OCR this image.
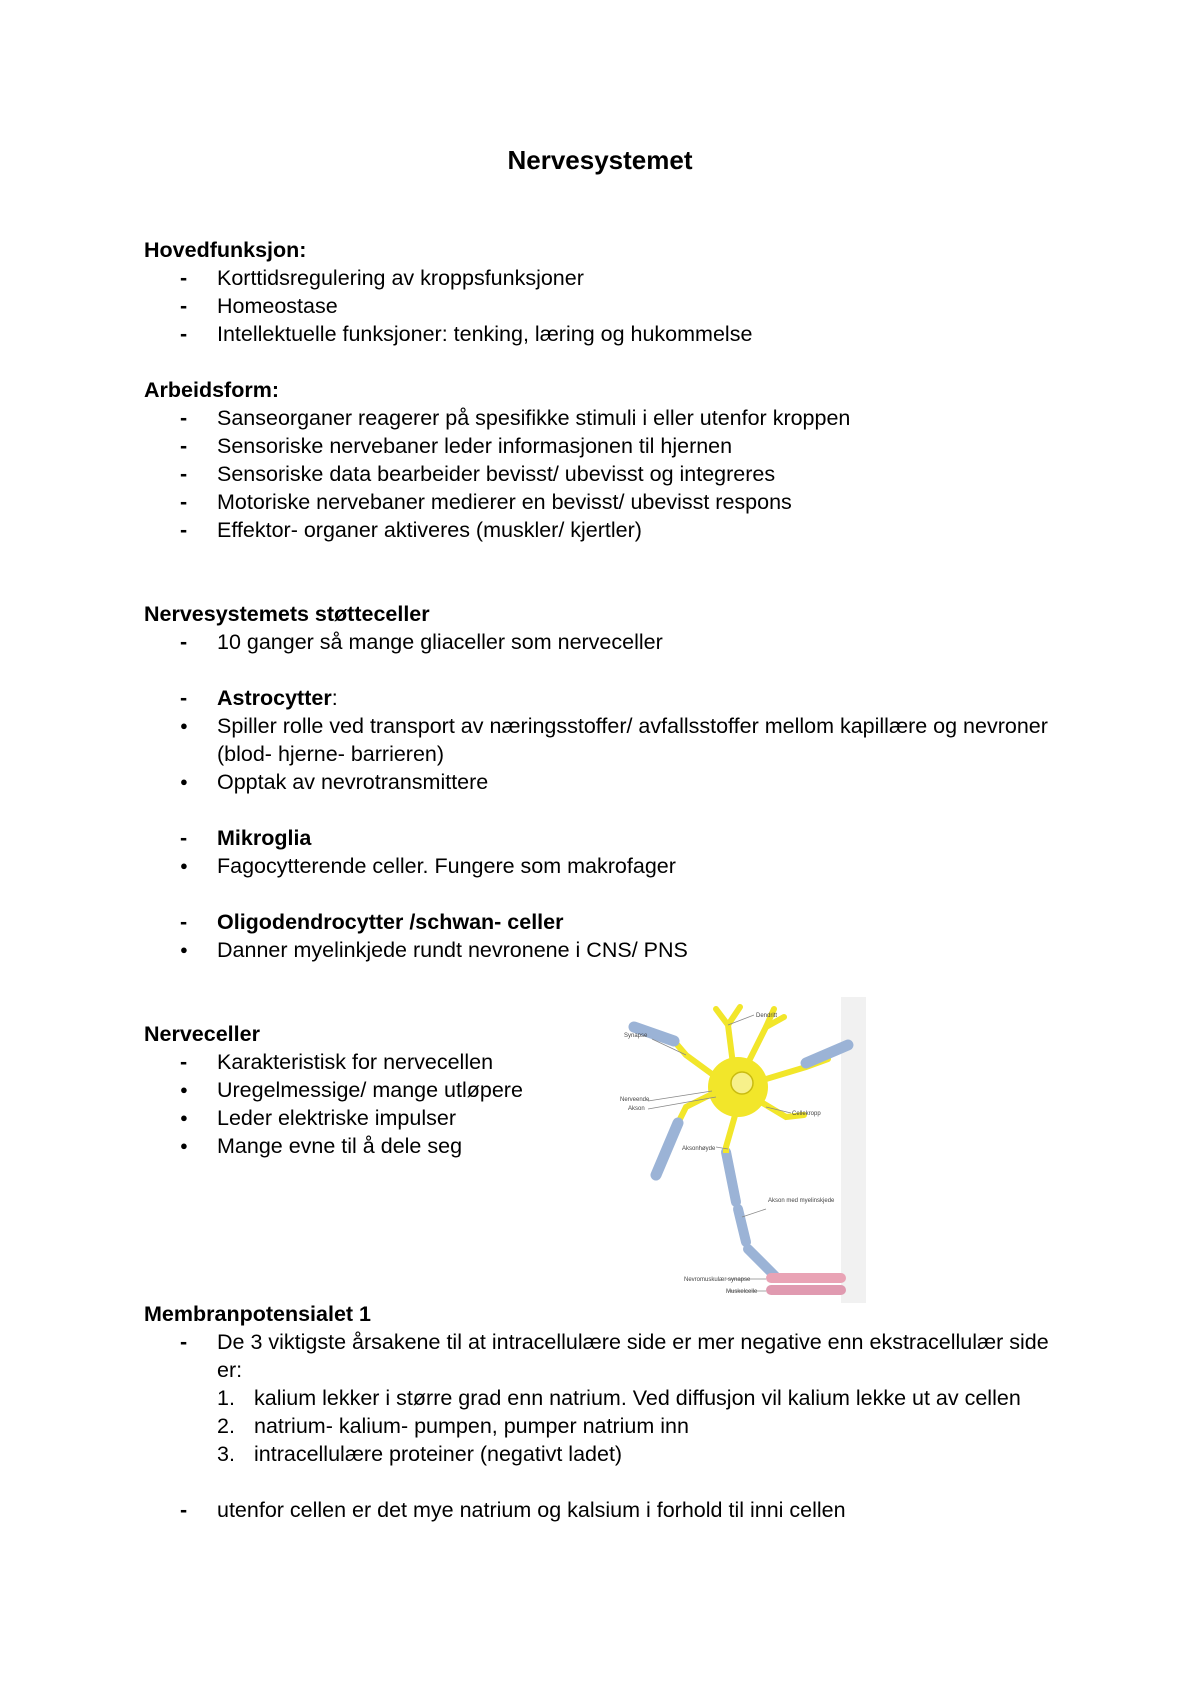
Nervesystemet
Hovedfunksjon:
-	Korttidsregulering av kroppsfunksjoner
-	Homeostase
-	Intellektuelle funksjoner: tenking, læring og hukommelse
Arbeidsform:
-	Sanseorganer reagerer på spesifikke stimuli i eller utenfor kroppen
-	Sensoriske nervebaner leder informasjonen til hjernen
-	Sensoriske data bearbeider bevisst/ ubevisst og integreres
-	Motoriske nervebaner medierer en bevisst/ ubevisst respons
-	Effektor- organer aktiveres (muskler/ kjertler)
Nervesystemets støtteceller
-	10 ganger så mange gliaceller som nerveceller
-	Astrocytter:
●	Spiller rolle ved transport av næringsstoffer/ avfallsstoffer mellom kapillære og nevroner (blod- hjerne- barrieren)
●	Opptak av nevrotransmittere
-	Mikroglia
●	Fagocytterende celler. Fungere som makrofager
-	Oligodendrocytter /schwan- celler
●	Danner myelinkjede rundt nevronene i CNS/ PNS
Nerveceller
-	Karakteristisk for nervecellen
●	Uregelmessige/ mange utløpere
●	Leder elektriske impulser
●	Mange evne til å dele seg
Dendritt
Synapse
Nerveende
Akson
Cellekropp
Aksonhøyde
Akson med myelinskjede
Nevromuskulær synapse
Muskelcelle
Membranpotensialet 1
-	De 3 viktigste årsakene til at intracellulære side er mer negative enn ekstracellulær side er:
1. kalium lekker i større grad enn natrium. Ved diffusjon vil kalium lekke ut av cellen
2. natrium- kalium- pumpen, pumper natrium inn
3. intracellulære proteiner (negativt ladet)
-	utenfor cellen er det mye natrium og kalsium i forhold til inni cellen
